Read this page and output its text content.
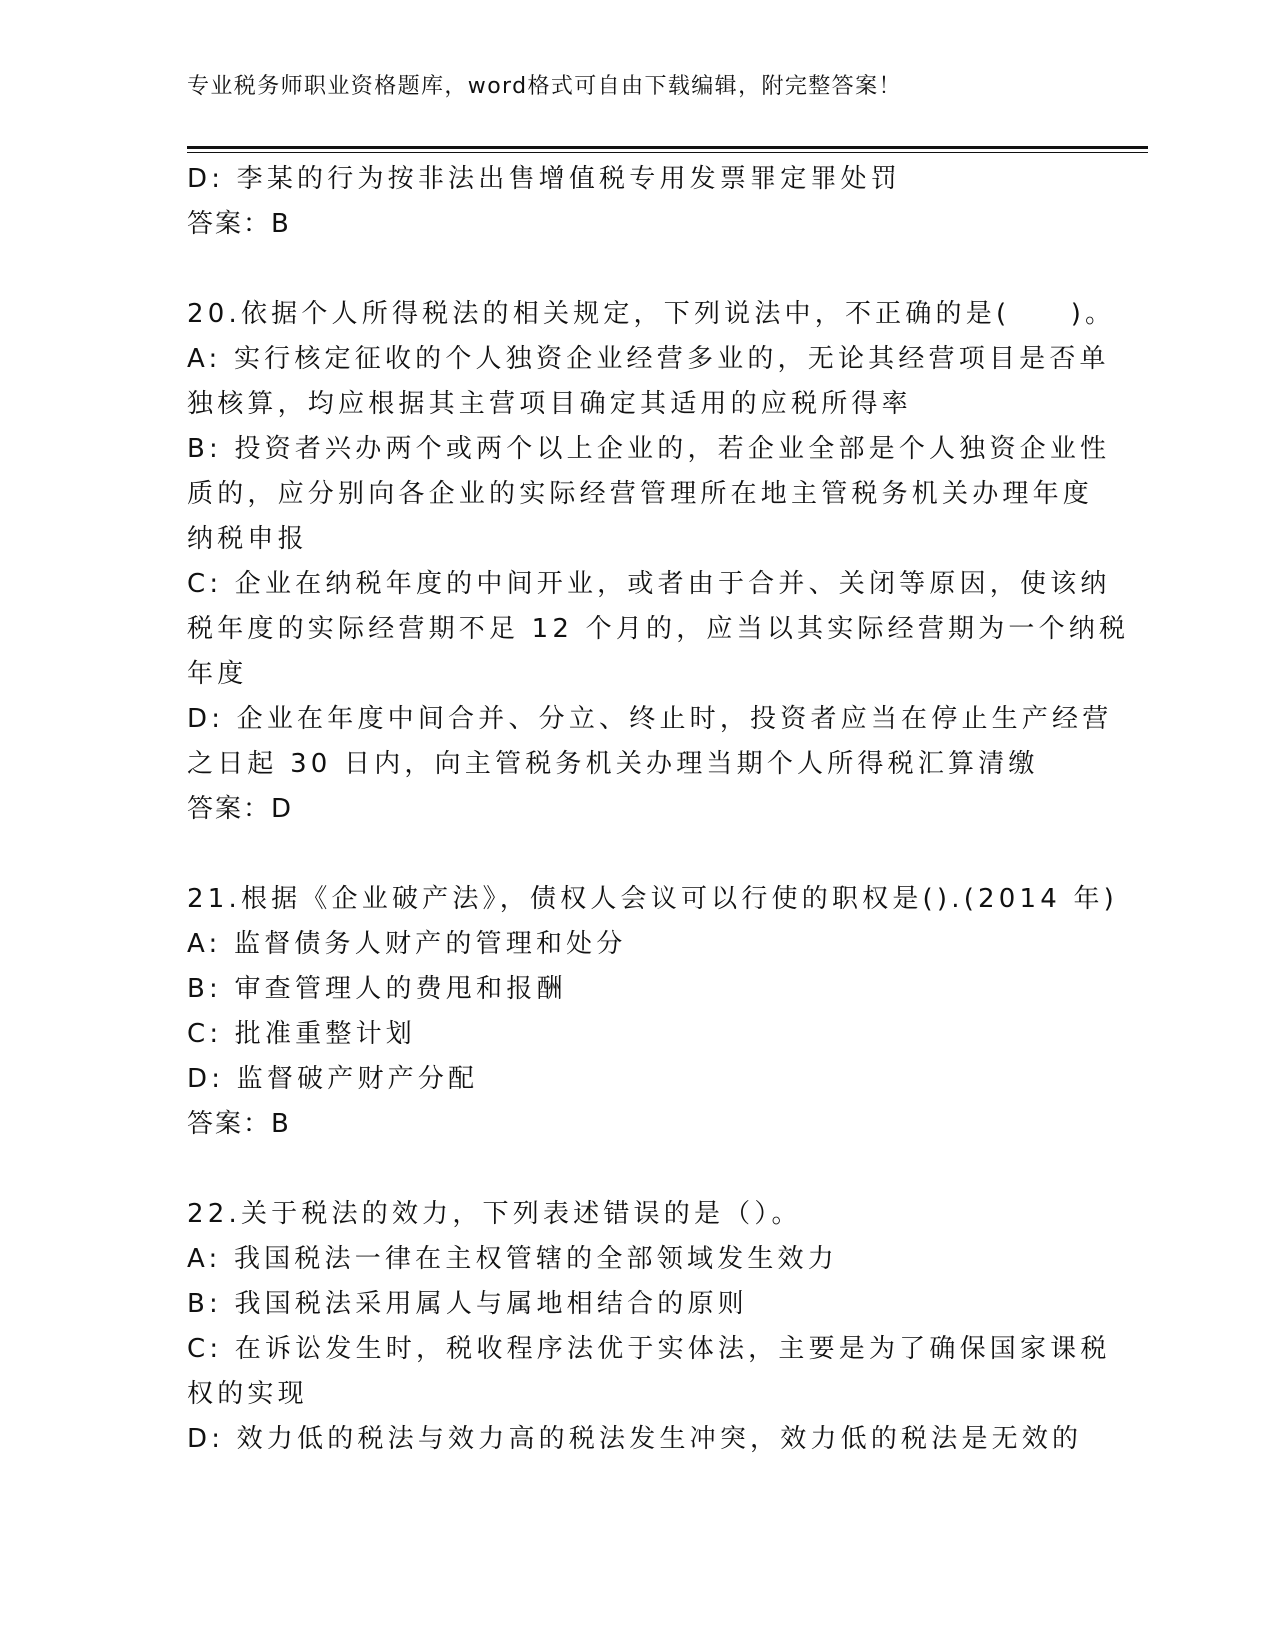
专业税务师职业资格题库，word格式可自由下载编辑，附完整答案！
D: 李某的行为按非法出售增值税专用发票罪定罪处罚
答案：B
20.依据个人所得税法的相关规定，下列说法中，不正确的是(　　)。
A: 实行核定征收的个人独资企业经营多业的，无论其经营项目是否单
独核算，均应根据其主营项目确定其适用的应税所得率
B: 投资者兴办两个或两个以上企业的，若企业全部是个人独资企业性
质的，应分别向各企业的实际经营管理所在地主管税务机关办理年度
纳税申报
C: 企业在纳税年度的中间开业，或者由于合并、关闭等原因，使该纳
税年度的实际经营期不足 12 个月的，应当以其实际经营期为一个纳税
年度
D: 企业在年度中间合并、分立、终止时，投资者应当在停止生产经营
之日起 30 日内，向主管税务机关办理当期个人所得税汇算清缴
答案：D
21.根据《企业破产法》，债权人会议可以行使的职权是().(2014 年)
A: 监督债务人财产的管理和处分
B: 审查管理人的费甩和报酬
C: 批准重整计划
D: 监督破产财产分配
答案：B
22.关于税法的效力，下列表述错误的是（）。
A: 我国税法一律在主权管辖的全部领域发生效力
B: 我国税法采用属人与属地相结合的原则
C: 在诉讼发生时，税收程序法优于实体法，主要是为了确保国家课税
权的实现
D: 效力低的税法与效力高的税法发生冲突，效力低的税法是无效的
